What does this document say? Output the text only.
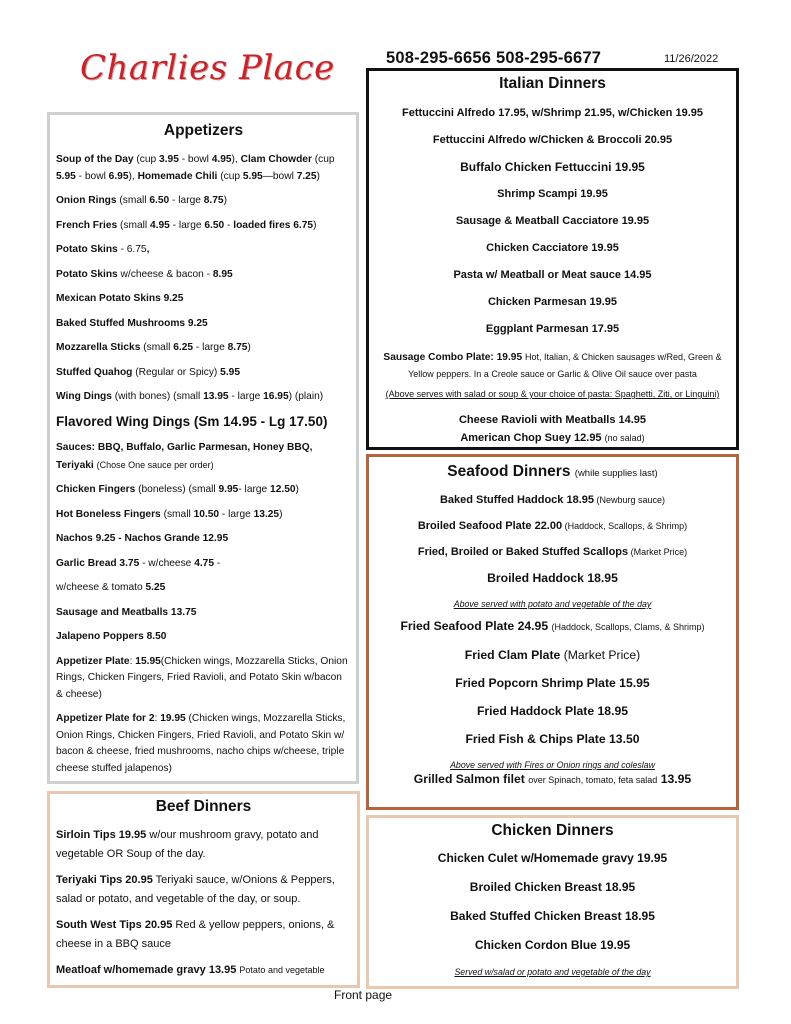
Charlies Place	508-295-6656 508-295-6677	11/26/2022
Appetizers
Soup of the Day (cup 3.95 - bowl 4.95), Clam Chowder (cup 5.95 - bowl 6.95), Homemade Chili (cup 5.95—bowl 7.25)
Onion Rings (small 6.50 - large 8.75)
French Fries (small 4.95 - large 6.50 - loaded fires 6.75)
Potato Skins - 6.75,
Potato Skins w/cheese & bacon - 8.95
Mexican Potato Skins 9.25
Baked Stuffed Mushrooms 9.25
Mozzarella Sticks (small 6.25 - large 8.75)
Stuffed Quahog (Regular or Spicy) 5.95
Wing Dings (with bones) (small 13.95 - large 16.95) (plain)
Flavored Wing Dings (Sm 14.95 - Lg 17.50)
Sauces: BBQ, Buffalo, Garlic Parmesan, Honey BBQ, Teriyaki (Chose One sauce per order)
Chicken Fingers (boneless) (small 9.95- large 12.50)
Hot Boneless Fingers (small 10.50 - large 13.25)
Nachos 9.25 - Nachos Grande 12.95
Garlic Bread 3.75 - w/cheese 4.75 -
w/cheese & tomato 5.25
Sausage and Meatballs 13.75
Jalapeno Poppers 8.50
Appetizer Plate: 15.95(Chicken wings, Mozzarella Sticks, Onion Rings, Chicken Fingers, Fried Ravioli, and Potato Skin w/bacon & cheese)
Appetizer Plate for 2: 19.95 (Chicken wings, Mozzarella Sticks, Onion Rings, Chicken Fingers, Fried Ravioli, and Potato Skin w/ bacon & cheese, fried mushrooms, nacho chips w/cheese, triple cheese stuffed jalapenos)
Beef Dinners
Sirloin Tips 19.95 w/our mushroom gravy, potato and vegetable OR Soup of the day.
Teriyaki Tips 20.95 Teriyaki sauce, w/Onions & Peppers, salad or potato, and vegetable of the day, or soup.
South West Tips 20.95 Red & yellow peppers, onions, & cheese in a BBQ sauce
Meatloaf w/homemade gravy 13.95 Potato and vegetable
Italian Dinners
Fettuccini Alfredo 17.95, w/Shrimp 21.95, w/Chicken 19.95
Fettuccini Alfredo w/Chicken & Broccoli 20.95
Buffalo Chicken Fettuccini 19.95
Shrimp Scampi 19.95
Sausage & Meatball Cacciatore 19.95
Chicken Cacciatore 19.95
Pasta w/ Meatball or Meat sauce 14.95
Chicken Parmesan 19.95
Eggplant Parmesan 17.95
Sausage Combo Plate: 19.95 Hot, Italian, & Chicken sausages w/Red, Green & Yellow peppers. In a Creole sauce or Garlic & Olive Oil sauce over pasta
(Above serves with salad or soup & your choice of pasta: Spaghetti, Ziti, or Linguini)
Cheese Ravioli with Meatballs 14.95
American Chop Suey 12.95 (no salad)
Seafood Dinners (while supplies last)
Baked Stuffed Haddock 18.95 (Newburg sauce)
Broiled Seafood Plate 22.00 (Haddock, Scallops, & Shrimp)
Fried, Broiled or Baked Stuffed Scallops (Market Price)
Broiled Haddock 18.95
Above served with potato and vegetable of the day
Fried Seafood Plate 24.95 (Haddock, Scallops, Clams, & Shrimp)
Fried Clam Plate (Market Price)
Fried Popcorn Shrimp Plate 15.95
Fried Haddock Plate 18.95
Fried Fish & Chips Plate 13.50
Above served with Fires or Onion rings and coleslaw
Grilled Salmon filet over Spinach, tomato, feta salad 13.95
Chicken Dinners
Chicken Culet w/Homemade gravy 19.95
Broiled Chicken Breast 18.95
Baked Stuffed Chicken Breast 18.95
Chicken Cordon Blue 19.95
Served w/salad or potato and vegetable of the day
Front page
